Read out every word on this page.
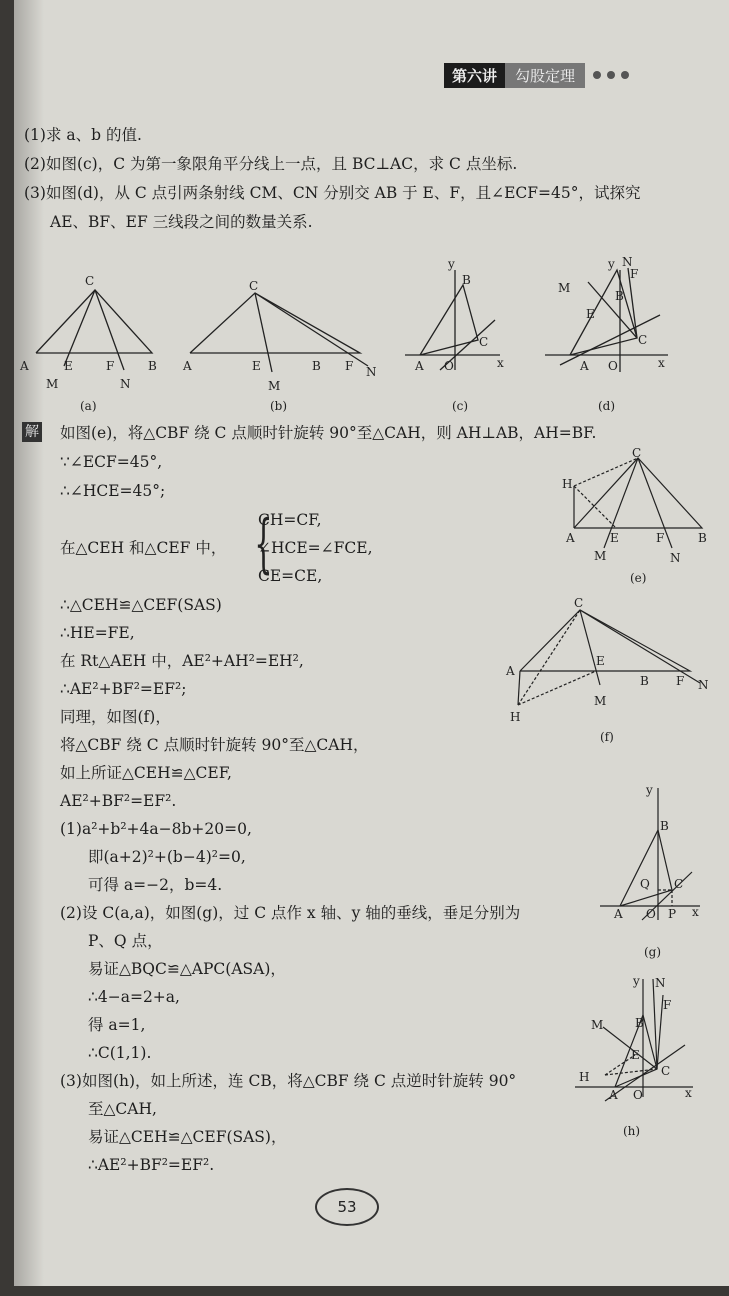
第六讲	勾股定理
(1)求 a、b 的值.
(2)如图(c)，C 为第一象限角平分线上一点，且 BC⊥AC，求 C 点坐标.
(3)如图(d)，从 C 点引两条射线 CM、CN 分别交 AB 于 E、F，且∠ECF=45°，试探究
AE、BF、EF 三线段之间的数量关系.
C
A	E	F	B
M	N
(a)
C
A	E	B F N
M
(b)
y
B
C
A O	x
(c)
y N
F
M
E
B
C
A O	x
(d)
解 如图(e)，将△CBF 绕 C 点顺时针旋转 90°至△CAH，则 AH⊥AB，AH=BF.
∵∠ECF=45°,
∴∠HCE=45°;
在△CEH 和△CEF 中， {
CH=CF,
∠HCE=∠FCE,
CE=CE,
∴△CEH≌△CEF(SAS)
∴HE=FE,
在 Rt△AEH 中，AE²+AH²=EH²,
∴AE²+BF²=EF²;
同理，如图(f)，
将△CBF 绕 C 点顺时针旋转 90°至△CAH，
如上所证△CEH≌△CEF,
AE²+BF²=EF².
(1)a²+b²+4a−8b+20=0,
即(a+2)²+(b−4)²=0,
可得 a=−2，b=4.
(2)设 C(a,a)，如图(g)，过 C 点作 x 轴、y 轴的垂线，垂足分别为
P、Q 点，
易证△BQC≌△APC(ASA)，
∴4−a=2+a,
得 a=1,
∴C(1,1).
(3)如图(h)，如上所述，连 CB，将△CBF 绕 C 点逆时针旋转 90°
至△CAH,
易证△CEH≌△CEF(SAS)，
∴AE²+BF²=EF².
C
H
A	E	F	B
M	N
(e)
C
A
E
B F N
M
H
(f)
y
B
Q C
A O P x
(g)
y N
F
M	B
E
C
H
A O	x
(h)
53
